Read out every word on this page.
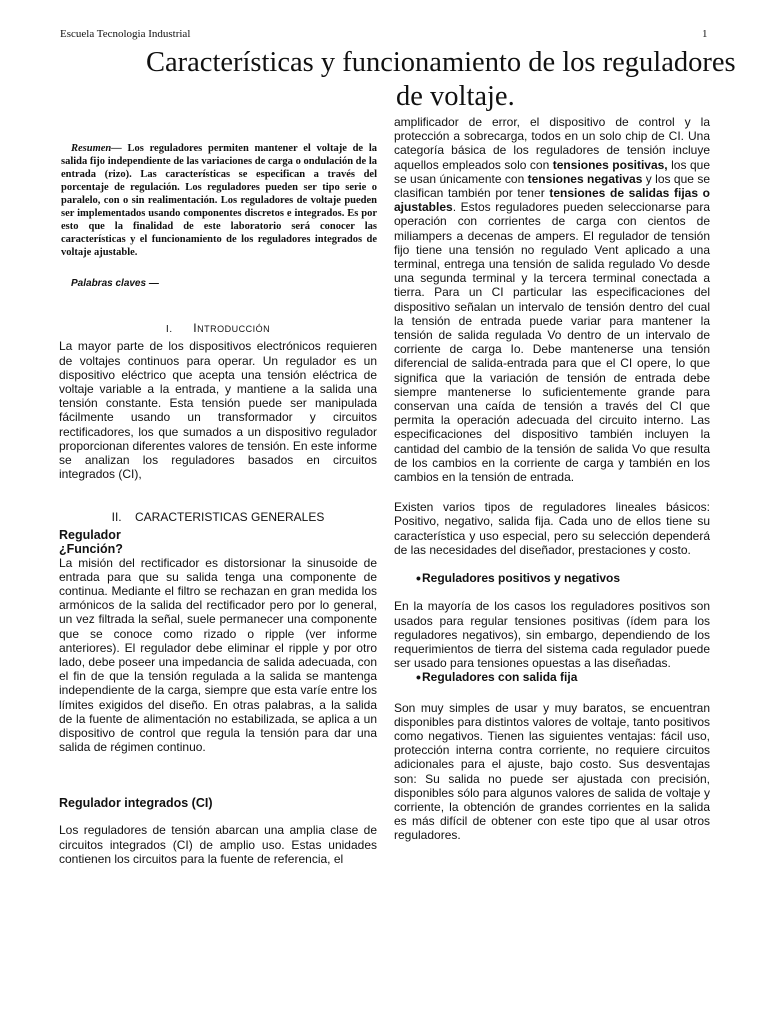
Escuela Tecnologia Industrial	1
Características y funcionamiento de los reguladores
de voltaje.
Resumen— Los reguladores permiten mantener el voltaje de la salida fijo independiente de las variaciones de carga o ondulación de la entrada (rizo). Las características se especifican a través del porcentaje de regulación. Los reguladores pueden ser tipo serie o paralelo, con o sin realimentación. Los reguladores de voltaje pueden ser implementados usando componentes discretos e integrados. Es por esto que la finalidad de este laboratorio será conocer las características y el funcionamiento de los reguladores integrados de voltaje ajustable.
Palabras claves —
I. INTRODUCCIÓN

La mayor parte de los dispositivos electrónicos requieren de voltajes continuos para operar. Un regulador es un dispositivo eléctrico que acepta una tensión eléctrica de voltaje variable a la entrada, y mantiene a la salida una tensión constante. Esta tensión puede ser manipulada fácilmente usando un transformador y circuitos rectificadores, los que sumados a un dispositivo regulador proporcionan diferentes valores de tensión. En este informe se analizan los reguladores basados en circuitos integrados (CI),

II.    CARACTERISTICAS GENERALES
Regulador
¿Función?

La misión del rectificador es distorsionar la sinusoide de entrada para que su salida tenga una componente de continua. Mediante el filtro se rechazan en gran medida los armónicos de la salida del rectificador pero por lo general, un vez filtrada la señal, suele permanecer una componente que se conoce como rizado o ripple (ver informe anteriores). El regulador debe eliminar el ripple y por otro lado, debe poseer una impedancia de salida adecuada, con el fin de que la tensión regulada a la salida se mantenga independiente de la carga, siempre que esta varíe entre los límites exigidos del diseño. En otras palabras, a la salida de la fuente de alimentación no estabilizada, se aplica a un dispositivo de control que regula la tensión para dar una salida de régimen continuo.

Regulador integrados (CI)

Los reguladores de tensión abarcan una amplia clase de circuitos integrados (CI) de amplio uso. Estas unidades contienen los circuitos para la fuente de referencia, el

amplificador de error, el dispositivo de control y la protección a sobrecarga, todos en un solo chip de CI. Una categoría básica de los reguladores de tensión incluye aquellos empleados solo con tensiones positivas, los que se usan únicamente con tensiones negativas y los que se clasifican también por tener tensiones de salidas fijas o ajustables. Estos reguladores pueden seleccionarse para operación con corrientes de carga con cientos de miliampers a decenas de ampers. El regulador de tensión fijo tiene una tensión no regulado Vent aplicado a una terminal, entrega una tensión de salida regulado Vo desde una segunda terminal y la tercera terminal conectada a tierra. Para un CI particular las especificaciones del dispositivo señalan un intervalo de tensión dentro del cual la tensión de entrada puede variar para mantener la tensión de salida regulada Vo dentro de un intervalo de corriente de carga Io. Debe mantenerse una tensión diferencial de salida-entrada para que el CI opere, lo que significa que la variación de tensión de entrada debe siempre mantenerse lo suficientemente grande para conservan una caída de tensión a través del CI que permita la operación adecuada del circuito interno. Las especificaciones del dispositivo también incluyen la cantidad del cambio de la tensión de salida Vo que resulta de los cambios en la corriente de carga y también en los cambios en la tensión de entrada.

Existen varios tipos de reguladores lineales básicos: Positivo, negativo, salida fija. Cada uno de ellos tiene su característica y uso especial, pero su selección dependerá de las necesidades del diseñador, prestaciones y costo.

• Reguladores positivos y negativos

En la mayoría de los casos los reguladores positivos son usados para regular tensiones positivas (ídem para los reguladores negativos), sin embargo, dependiendo de los requerimientos de tierra del sistema cada regulador puede ser usado para tensiones opuestas a las diseñadas.

• Reguladores con salida fija

Son muy simples de usar y muy baratos, se encuentran disponibles para distintos valores de voltaje, tanto positivos como negativos. Tienen las siguientes ventajas: fácil uso, protección interna contra corriente, no requiere circuitos adicionales para el ajuste, bajo costo. Sus desventajas son: Su salida no puede ser ajustada con precisión, disponibles sólo para algunos valores de salida de voltaje y corriente, la obtención de grandes corrientes en la salida es más difícil de obtener con este tipo que al usar otros reguladores.
